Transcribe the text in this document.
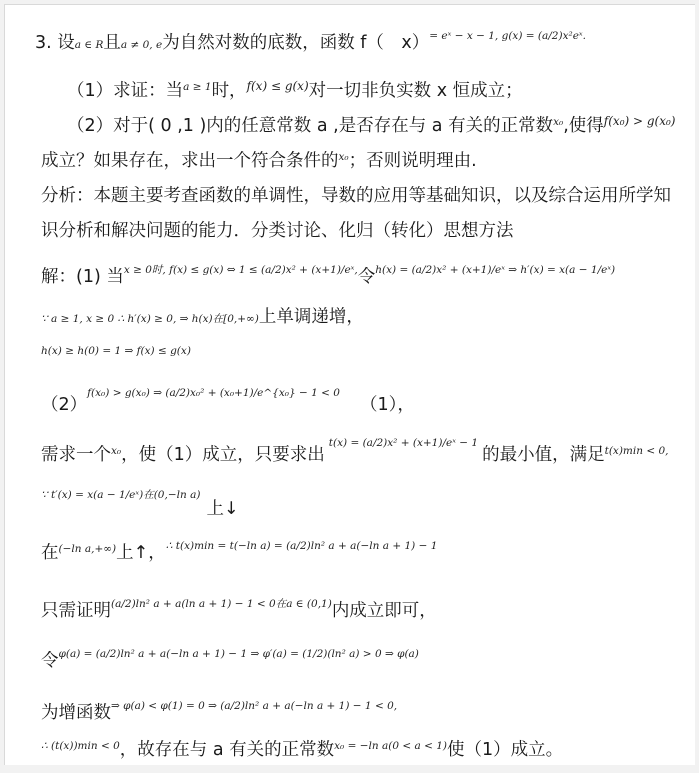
3. 设a ∈ R且a ≠ 0, e为自然对数的底数，函数 f（　x）$^{= eˣ - x - 1, g(x) = (a/2)x^2eˣ.}$
（1）求证：当$^{a \ge 1}$时，$^{f(x) \le g(x)}$对一切非负实数 x 恒成立；
（2）对于( 0 ,1 )内的任意常数 a ,是否存在与 a 有关的正常数$^{x_0}$,使得$^{f(x_0) > g(x_0)}$
成立？如果存在，求出一个符合条件的$^{x_0}$；否则说明理由.
分析：本题主要考查函数的单调性，导数的应用等基础知识，以及综合运用所学知
识分析和解决问题的能力．分类讨论、化归（转化）思想方法
解：(1) 当$^{x \ge 0时, f(x) \le g(x) \Leftrightarrow 1 \le (a/2)x^2 + (x+1)/eˣ,}$令$^{h(x) = (a/2)x^2 + (x+1)/eˣ \Rightarrow h'(x) = x(a - 1/eˣ)}$
∵ a ≥ 1, x ≥ 0 ∴ h′(x) ≥ 0, ⇒ h(x)在[0,+∞)上单调递增，
h(x) ≥ h(0) = 1 ⇒ f(x) ≤ g(x)
$(2)^{f(x_0) > g(x_0) \Rightarrow (a/2)x_0^2 + (x_0+1)/e\^{}\{x_0\} - 1 < 0}(1)$，
需求一个$^{x_0}$，使（1）成立，只要求出$^{t(x) = (a/2)x^2 + (x+1)/eˣ - 1}$的最小值，满足$^{t(x)min < 0,}$
$^{\because t'(x) = x(a - 1/eˣ)在(0,-ln a)}$上↓
在$^{(-ln a,+\infty)}$上↑，$^{\therefore t(x)min = t(-ln a) = (a/2)ln^2 a + a(-ln a + 1) - 1}$
只需证明$^{(a/2)ln^2 a + a(ln a + 1) - 1 < 0在a \in (0,1)}$内成立即可，
令$^{\varphi(a) = (a/2)ln^2 a + a(-ln a + 1) - 1 \Rightarrow \varphi'(a) = (1/2)(ln^2 a) > 0 \Rightarrow \varphi(a)}$
为增函数$^{\Rightarrow \varphi(a) < \varphi(1) = 0 \Rightarrow (a/2)ln^2 a + a(-ln a + 1) - 1 < 0,}$
$^{\therefore (t(x))min < 0}$，故存在与 a 有关的正常数$^{x_0 = -ln a(0 < a < 1)}$使（1）成立。
